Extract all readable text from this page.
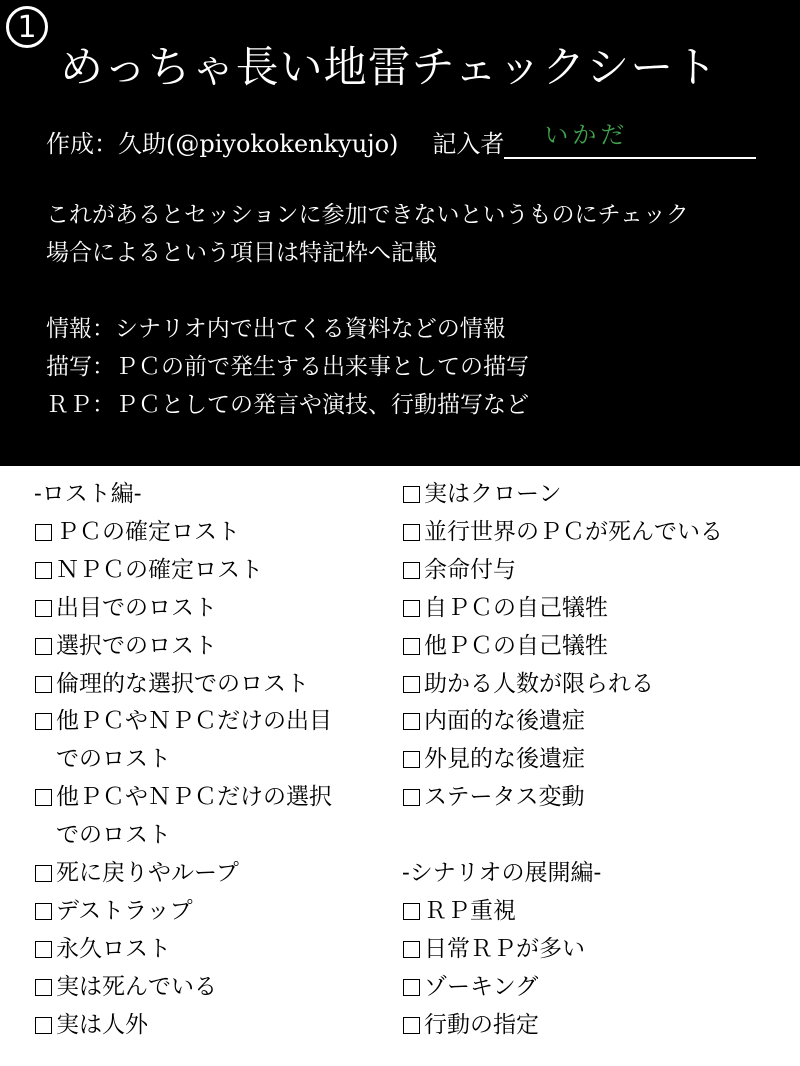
1
めっちゃ長い地雷チェックシート
作成：久助(@piyokokenkyujo) 記入者 いかだ

これがあるとセッションに参加できないというものにチェック

場合によるという項目は特記枠へ記載

情報：シナリオ内で出てくる資料などの情報

描写：ＰＣの前で発生する出来事としての描写

ＲＰ：ＰＣとしての発言や演技、行動描写など

-ロスト編-
ＰＣの確定ロスト
ＮＰＣの確定ロスト
出目でのロスト
選択でのロスト
倫理的な選択でのロスト
他ＰＣやＮＰＣだけの出目
でのロスト
他ＰＣやＮＰＣだけの選択
でのロスト
死に戻りやループ
デストラップ
永久ロスト
実は死んでいる
実は人外
実はクローン
並行世界のＰＣが死んでいる
余命付与
自ＰＣの自己犠牲
他ＰＣの自己犠牲
助かる人数が限られる
内面的な後遺症
外見的な後遺症
ステータス変動
-シナリオの展開編-
ＲＰ重視
日常ＲＰが多い
ゾーキング
行動の指定
